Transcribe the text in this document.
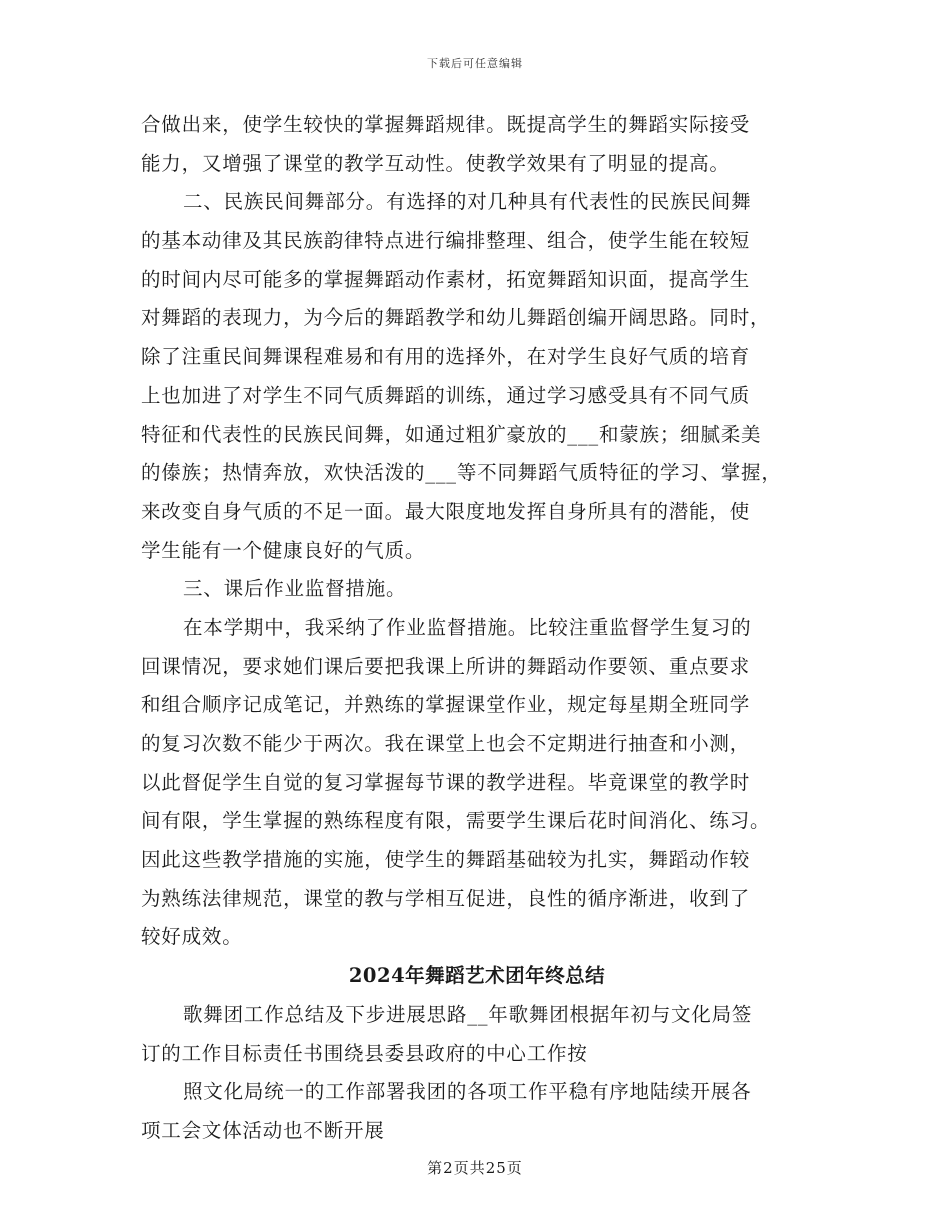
下载后可任意编辑
合做出来，使学生较快的掌握舞蹈规律。既提高学生的舞蹈实际接受
能力，又增强了课堂的教学互动性。使教学效果有了明显的提高。
二、民族民间舞部分。有选择的对几种具有代表性的民族民间舞
的基本动律及其民族韵律特点进行编排整理、组合，使学生能在较短
的时间内尽可能多的掌握舞蹈动作素材，拓宽舞蹈知识面，提高学生
对舞蹈的表现力，为今后的舞蹈教学和幼儿舞蹈创编开阔思路。同时，
除了注重民间舞课程难易和有用的选择外，在对学生良好气质的培育
上也加进了对学生不同气质舞蹈的训练，通过学习感受具有不同气质
特征和代表性的民族民间舞，如通过粗犷豪放的___和蒙族；细腻柔美
的傣族；热情奔放，欢快活泼的___等不同舞蹈气质特征的学习、掌握，
来改变自身气质的不足一面。最大限度地发挥自身所具有的潜能，使
学生能有一个健康良好的气质。
三、课后作业监督措施。
在本学期中，我采纳了作业监督措施。比较注重监督学生复习的
回课情况，要求她们课后要把我课上所讲的舞蹈动作要领、重点要求
和组合顺序记成笔记，并熟练的掌握课堂作业，规定每星期全班同学
的复习次数不能少于两次。我在课堂上也会不定期进行抽查和小测，
以此督促学生自觉的复习掌握每节课的教学进程。毕竟课堂的教学时
间有限，学生掌握的熟练程度有限，需要学生课后花时间消化、练习。
因此这些教学措施的实施，使学生的舞蹈基础较为扎实，舞蹈动作较
为熟练法律规范，课堂的教与学相互促进，良性的循序渐进，收到了
较好成效。
2024年舞蹈艺术团年终总结
歌舞团工作总结及下步进展思路__年歌舞团根据年初与文化局签
订的工作目标责任书围绕县委县政府的中心工作按
照文化局统一的工作部署我团的各项工作平稳有序地陆续开展各
项工会文体活动也不断开展
第2页共25页
